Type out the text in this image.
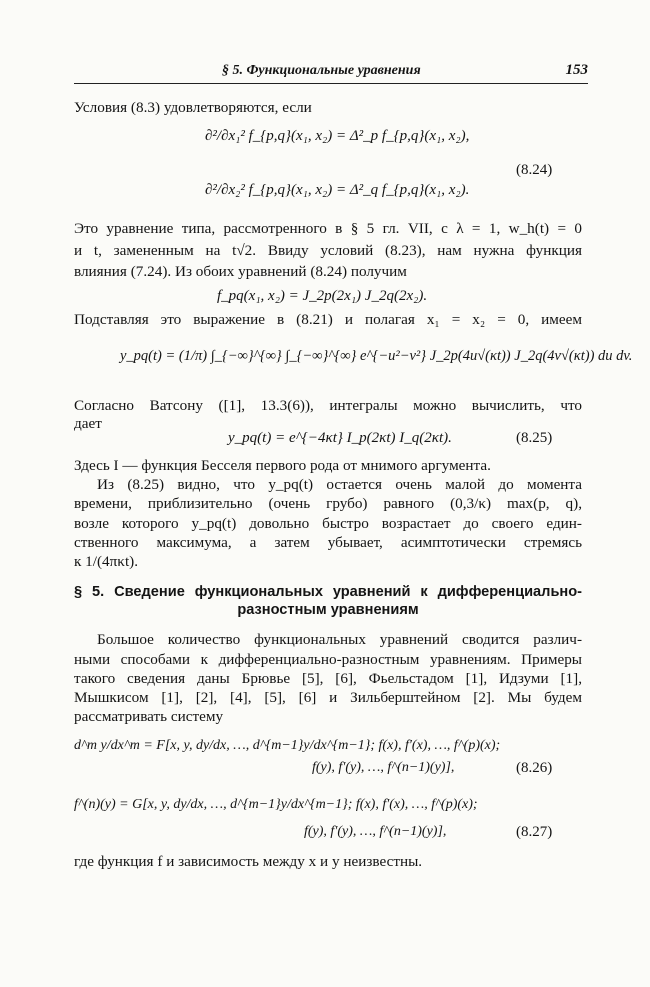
§ 5. Функциональные уравнения	153
Условия (8.3) удовлетворяются, если
∂²/∂x₁² f_{p,q}(x₁, x₂) = Δ²_p f_{p,q}(x₁, x₂),
∂²/∂x₂² f_{p,q}(x₁, x₂) = Δ²_q f_{p,q}(x₁, x₂).
(8.24)
Это уравнение типа, рассмотренного в § 5 гл. VII, с λ = 1, w_h(t) = 0
и t, замененным на t√2. Ввиду условий (8.23), нам нужна функция
влияния (7.24). Из обоих уравнений (8.24) получим
f_pq(x₁, x₂) = J_2p(2x₁) J_2q(2x₂).
Подставляя это выражение в (8.21) и полагая x₁ = x₂ = 0, имеем
y_pq(t) = (1/π) ∫_{−∞}^{∞} ∫_{−∞}^{∞} e^{−u²−v²} J_2p(4u√(κt)) J_2q(4v√(κt)) du dv.
Согласно Ватсону ([1], 13.3(6)), интегралы можно вычислить, что
дает
y_pq(t) = e^{−4κt} I_p(2κt) I_q(2κt).	(8.25)
Здесь I — функция Бесселя первого рода от мнимого аргумента.
Из (8.25) видно, что y_pq(t) остается очень малой до момента
времени, приблизительно (очень грубо) равного (0,3/κ) max(p, q),
возле которого y_pq(t) довольно быстро возрастает до своего един-
ственного максимума, а затем убывает, асимптотически стремясь
к 1/(4πκt).
§ 5. Сведение функциональных уравнений к дифференциально-
разностным уравнениям
Большое количество функциональных уравнений сводится различ-
ными способами к дифференциально-разностным уравнениям. Примеры
такого сведения даны Брювье [5], [6], Фьельстадом [1], Идзуми [1],
Мышкисом [1], [2], [4], [5], [6] и Зильберштейном [2]. Мы будем
рассматривать систему
d^m y/dx^m = F[x, y, dy/dx, …, d^{m−1}y/dx^{m−1}; f(x), f′(x), …, f^(p)(x);
f(y), f′(y), …, f^(n−1)(y)],	(8.26)
f^(n)(y) = G[x, y, dy/dx, …, d^{m−1}y/dx^{m−1}; f(x), f′(x), …, f^(p)(x);
f(y), f′(y), …, f^(n−1)(y)],	(8.27)
где функция f и зависимость между x и y неизвестны.
